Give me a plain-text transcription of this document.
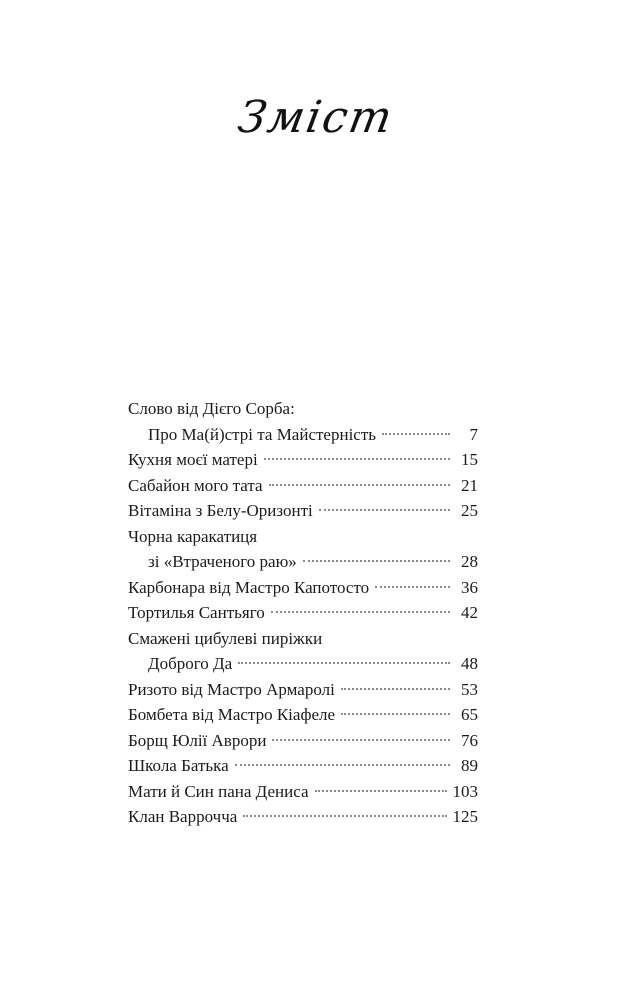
Зміст
Слово від Дієго Сорба:
Про Ма(й)стрі та Майстерність	7
Кухня моєї матері	15
Сабайон мого тата	21
Вітаміна з Белу-Оризонті	25
Чорна каракатиця
зі «Втраченого раю»	28
Карбонара від Мастро Капотосто	36
Тортилья Сантьяго	42
Смажені цибулеві пиріжки
Доброго Да	48
Ризото від Мастро Армаролі	53
Бомбета від Мастро Кіафеле	65
Борщ Юлії Аврори	76
Школа Батька	89
Мати й Син пана Дениса	103
Клан Варрочча	125
